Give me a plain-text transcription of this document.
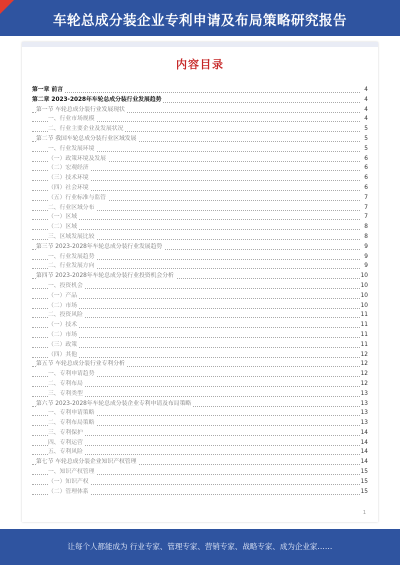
车轮总成分装企业专利申请及布局策略研究报告
内容目录
第一章 前言	4
第二章 2023-2028年车轮总成分装行业发展趋势	4
第一节 车轮总成分装行业发展现状	4
一、行业市场规模	4
二、行业主要企业及发展状况	5
第二节 我国车轮总成分装行业区域发展	5
一、行业发展环境	5
（一）政策环境及发展	6
（二）宏观经济	6
（三）技术环境	6
（四）社会环境	6
（五）行业标准与监管	7
二、行业区域分布	7
（一）区域	7
（二）区域	8
三、区域发展比较	8
第三节 2023-2028年车轮总成分装行业发展趋势	9
一、行业发展趋势	9
二、行业发展方向	9
第四节 2023-2028年车轮总成分装行业投资机会分析	10
一、投资机会	10
（一）产品	10
（二）市场	10
二、投资风险	11
（一）技术	11
（二）市场	11
（三）政策	11
（四）其他	12
第五节 车轮总成分装行业专利分析	12
一、专利申请趋势	12
二、专利布局	12
三、专利类型	13
第六节 2023-2028年车轮总成分装企业专利申请及布局策略	13
一、专利申请策略	13
二、专利布局策略	13
三、专利保护	14
四、专利运营	14
五、专利风险	14
第七节 车轮总成分装企业知识产权管理	14
一、知识产权管理	15
（一）知识产权	15
（二）管理体系	15
1
让每个人都能成为 行业专家、管理专家、营销专家、战略专家、成为企业家……
